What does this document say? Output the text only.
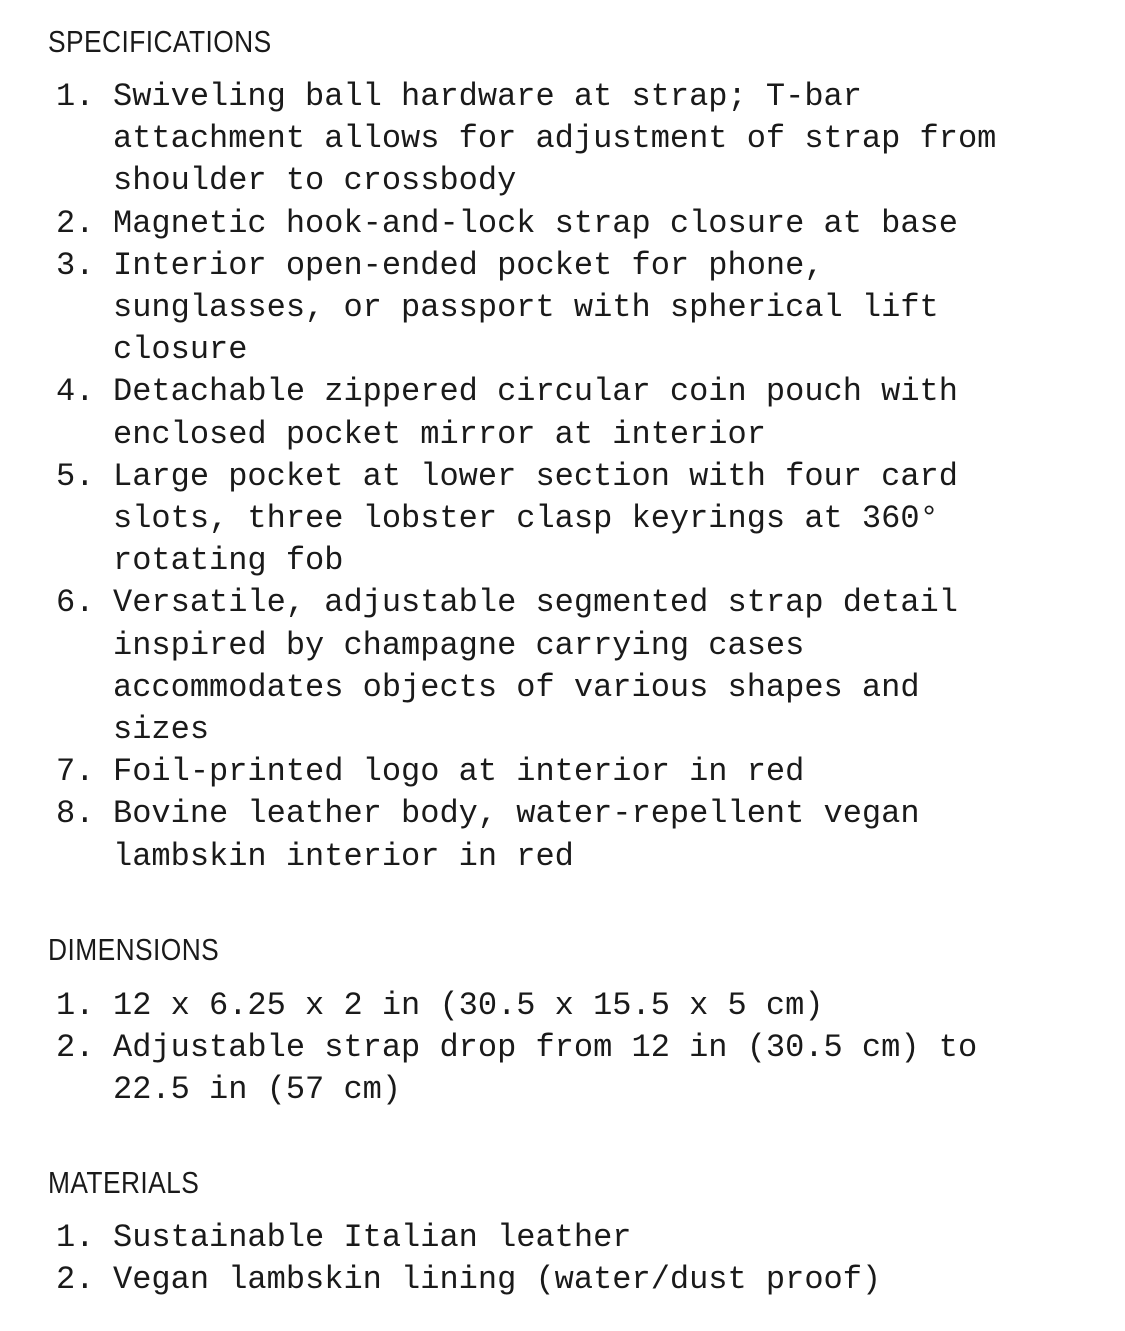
SPECIFICATIONS
1. Swiveling ball hardware at strap; T-bar
attachment allows for adjustment of strap from
shoulder to crossbody
2. Magnetic hook-and-lock strap closure at base
3. Interior open-ended pocket for phone,
sunglasses, or passport with spherical lift
closure
4. Detachable zippered circular coin pouch with
enclosed pocket mirror at interior
5. Large pocket at lower section with four card
slots, three lobster clasp keyrings at 360°
rotating fob
6. Versatile, adjustable segmented strap detail
inspired by champagne carrying cases
accommodates objects of various shapes and
sizes
7. Foil-printed logo at interior in red
8. Bovine leather body, water-repellent vegan
lambskin interior in red
DIMENSIONS
1. 12 x 6.25 x 2 in (30.5 x 15.5 x 5 cm)
2. Adjustable strap drop from 12 in (30.5 cm) to
22.5 in (57 cm)
MATERIALS
1. Sustainable Italian leather
2. Vegan lambskin lining (water/dust proof)
